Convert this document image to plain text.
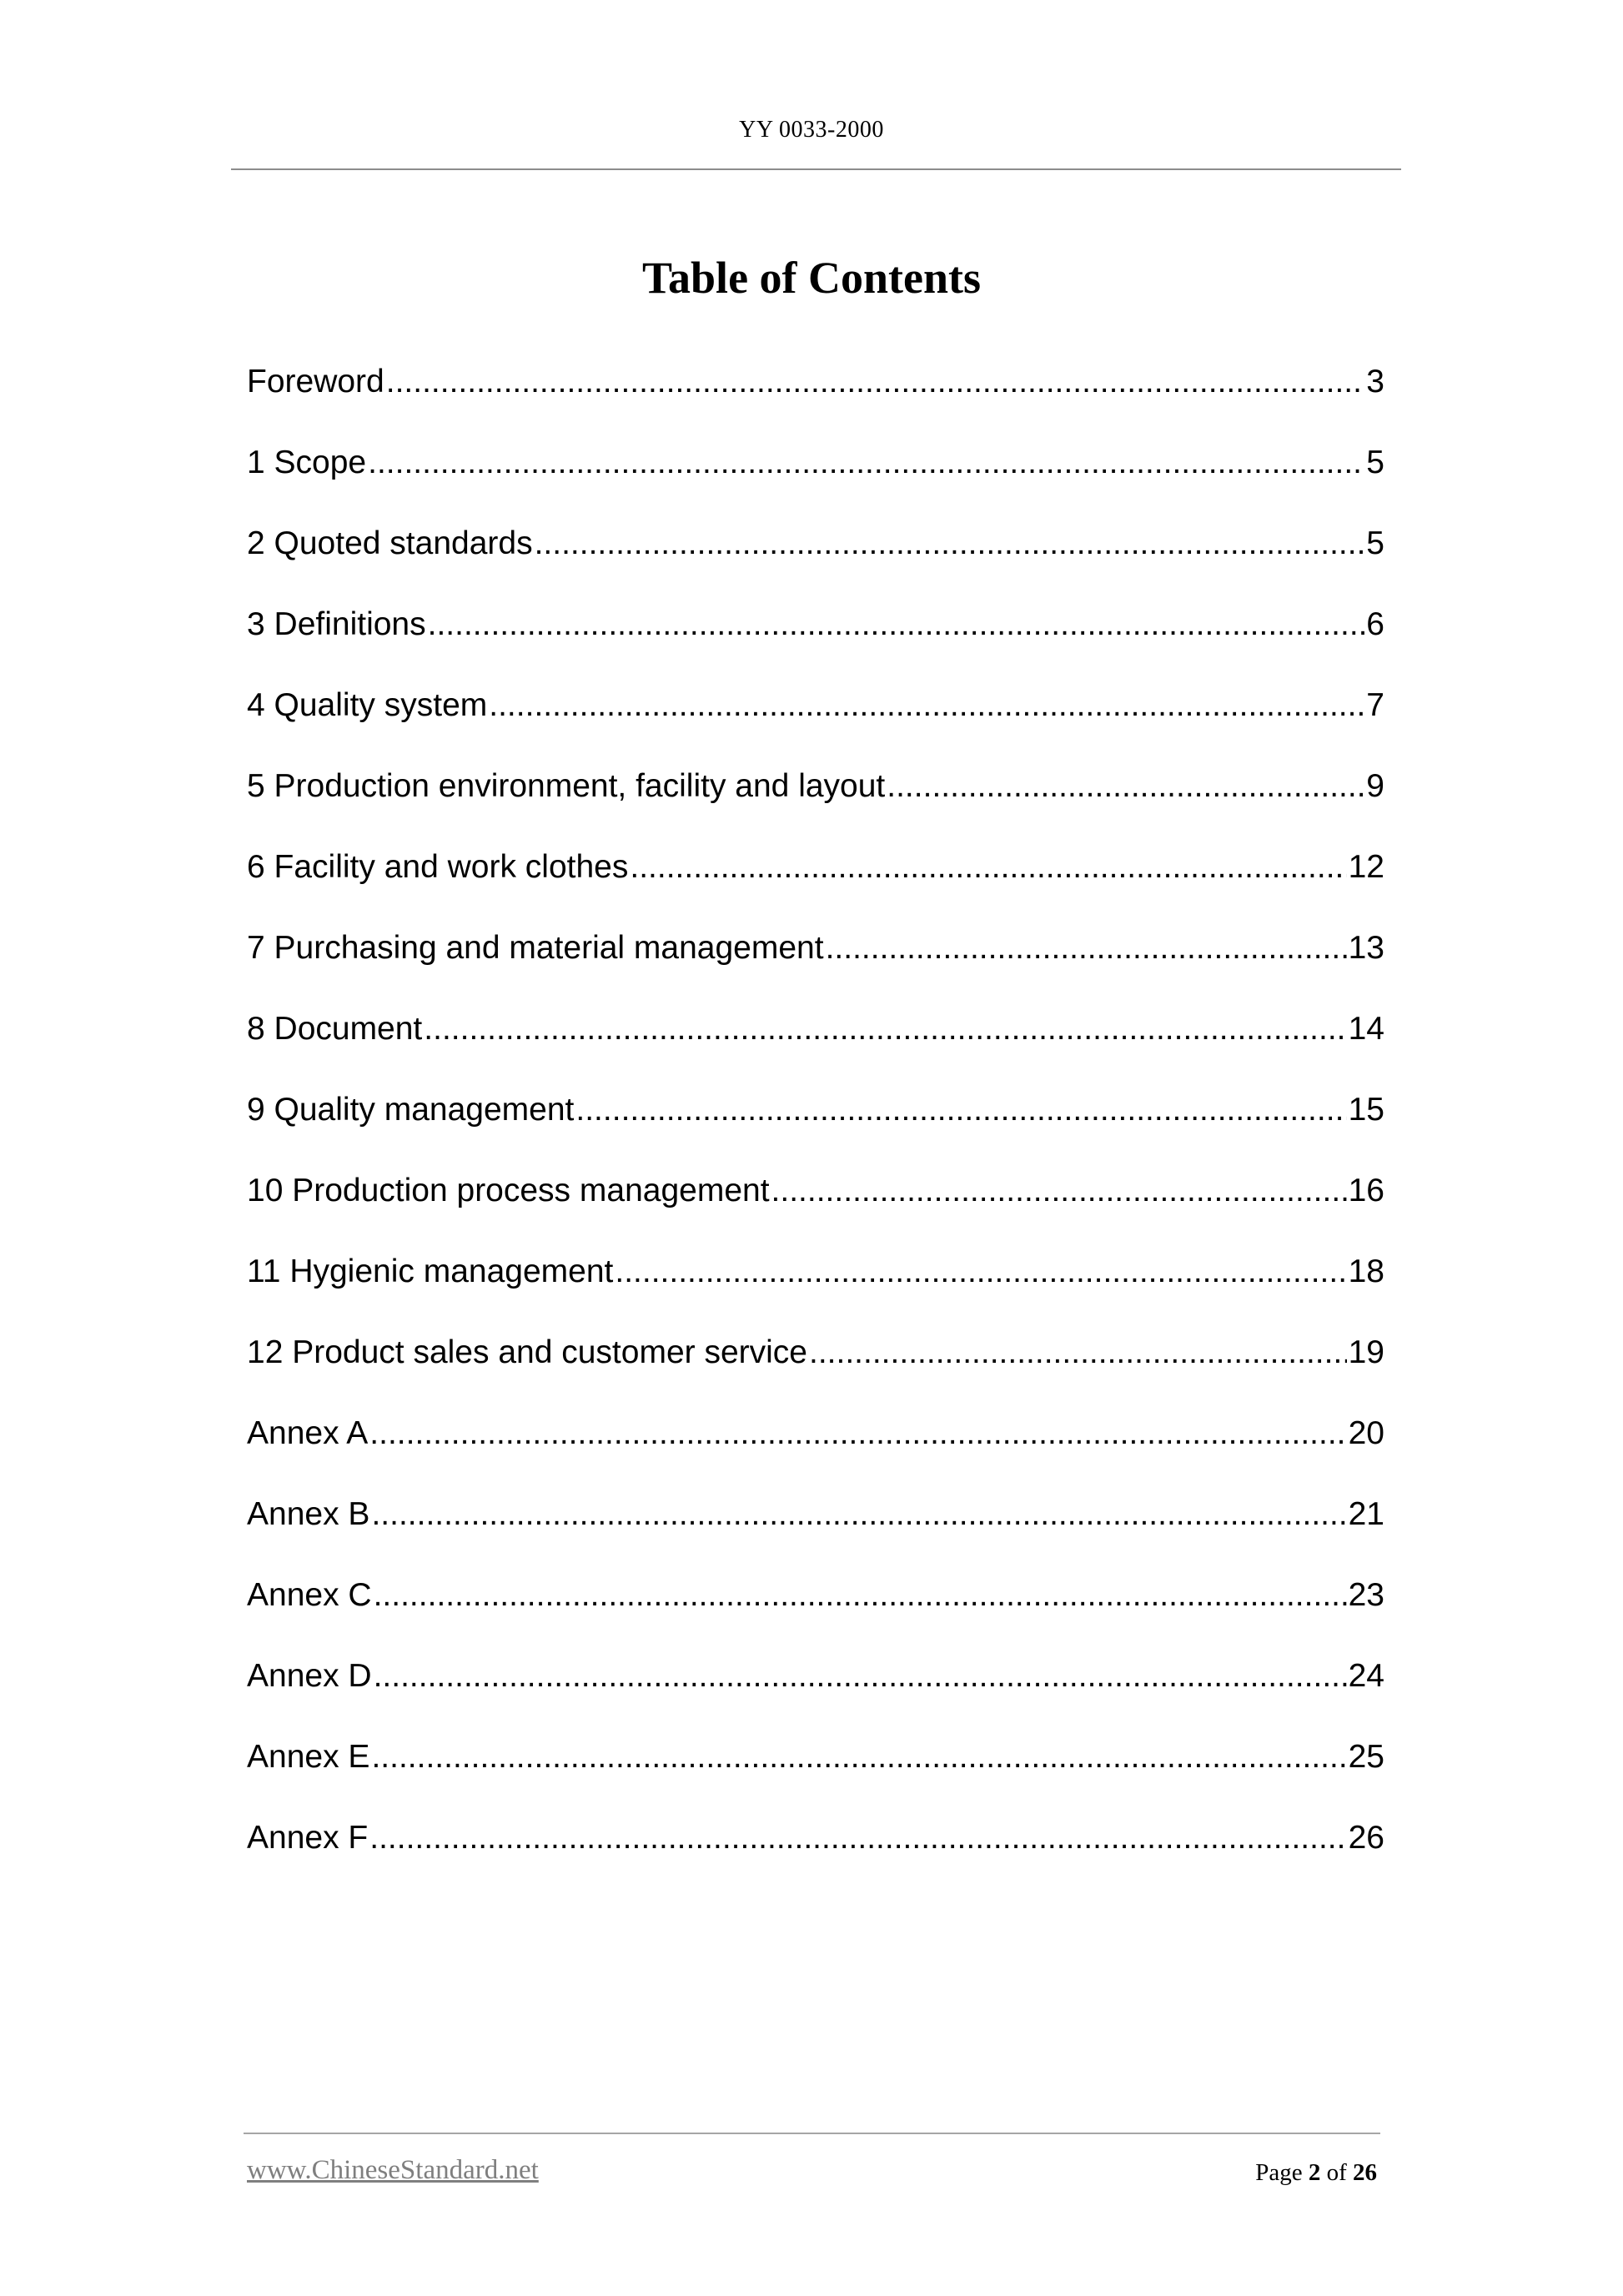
YY 0033-2000
Table of Contents
Foreword .....	3
1 Scope .....	5
2 Quoted standards .....	5
3 Definitions .....	6
4 Quality system .....	7
5 Production environment, facility and layout .....	9
6 Facility and work clothes .....	12
7 Purchasing and material management .....	13
8 Document .....	14
9 Quality management .....	15
10 Production process management .....	16
11 Hygienic management .....	18
12 Product sales and customer service .....	19
Annex A .....	20
Annex B .....	21
Annex C .....	23
Annex D .....	24
Annex E .....	25
Annex F .....	26
www.ChineseStandard.net	Page 2 of 26
